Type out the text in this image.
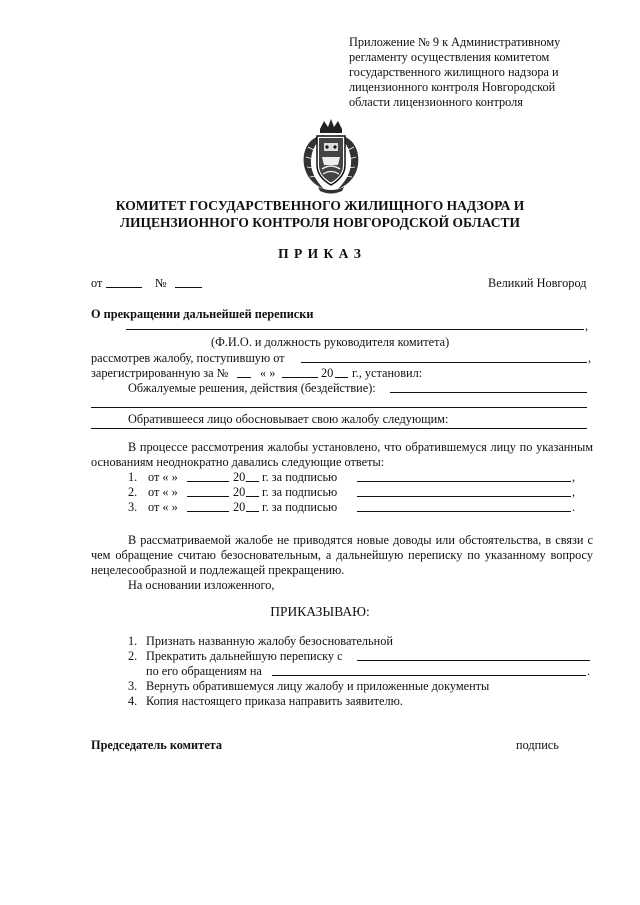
Приложение № 9 к Административному
регламенту осуществления комитетом
государственного жилищного надзора и
лицензионного контроля Новгородской
области лицензионного контроля
КОМИТЕТ ГОСУДАРСТВЕННОГО ЖИЛИЩНОГО НАДЗОРА И
ЛИЦЕНЗИОННОГО КОНТРОЛЯ НОВГОРОДСКОЙ ОБЛАСТИ
П Р И К А З
от	№	Великий Новгород
О прекращении дальнейшей переписки
,
(Ф.И.О. и должность руководителя комитета)
рассмотрев жалобу, поступившую от	,
зарегистрированную за №	« »	20 г., установил:
Обжалуемые решения, действия (бездействие):
Обратившееся лицо обосновывает свою жалобу следующим:
В процессе рассмотрения жалобы установлено, что обратившемуся лицу по указанным основаниям неоднократно давались следующие ответы:
1. от « »	20 г. за подписью	,
2. от « »	20 г. за подписью	,
3. от « »	20 г. за подписью	.
В рассматриваемой жалобе не приводятся новые доводы или обстоятельства, в связи с чем обращение считаю безосновательным, а дальнейшую переписку по указанному вопросу нецелесообразной и подлежащей прекращению.
На основании изложенного,
ПРИКАЗЫВАЮ:
1. Признать названную жалобу безосновательной
2. Прекратить дальнейшую переписку с
по его обращениям на	.
3. Вернуть обратившемуся лицу жалобу и приложенные документы
4. Копия настоящего приказа направить заявителю.
Председатель комитета	подпись
